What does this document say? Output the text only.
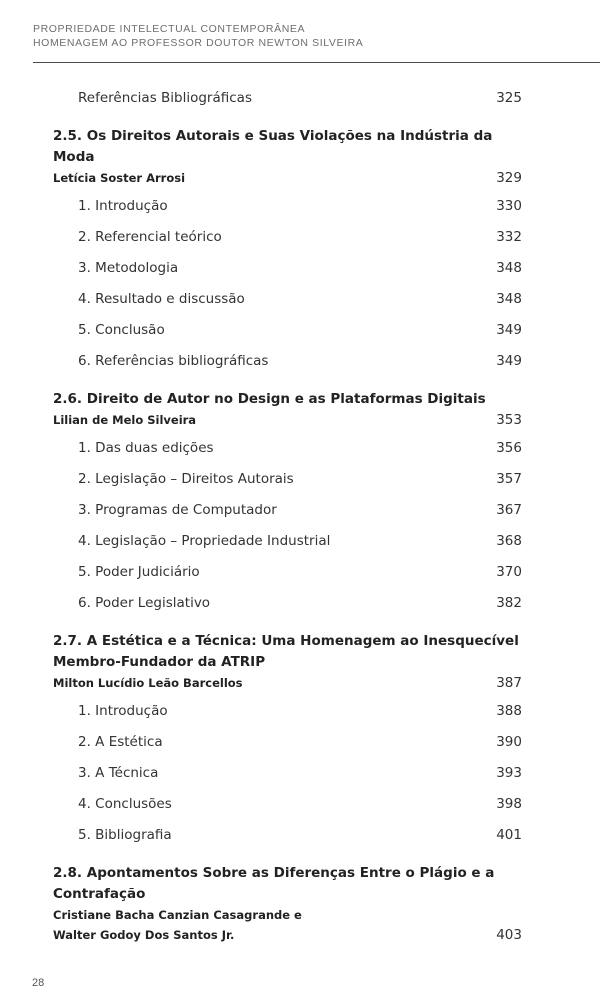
PROPRIEDADE INTELECTUAL CONTEMPORÂNEA
HOMENAGEM AO PROFESSOR DOUTOR NEWTON SILVEIRA
Referências Bibliográficas	325
2.5. Os Direitos Autorais e Suas Violações na Indústria da Moda
Letícia Soster Arrosi	329
1. Introdução	330
2. Referencial teórico	332
3. Metodologia	348
4. Resultado e discussão	348
5. Conclusão	349
6. Referências bibliográficas	349
2.6. Direito de Autor no Design e as Plataformas Digitais
Lilian de Melo Silveira	353
1. Das duas edições	356
2. Legislação – Direitos Autorais	357
3. Programas de Computador	367
4. Legislação – Propriedade Industrial	368
5. Poder Judiciário	370
6. Poder Legislativo	382
2.7. A Estética e a Técnica: Uma Homenagem ao Inesquecível Membro-Fundador da ATRIP
Milton Lucídio Leão Barcellos	387
1. Introdução	388
2. A Estética	390
3. A Técnica	393
4. Conclusões	398
5. Bibliografia	401
2.8. Apontamentos Sobre as Diferenças Entre o Plágio e a Contrafação
Cristiane Bacha Canzian Casagrande e
Walter Godoy Dos Santos Jr.	403
28
